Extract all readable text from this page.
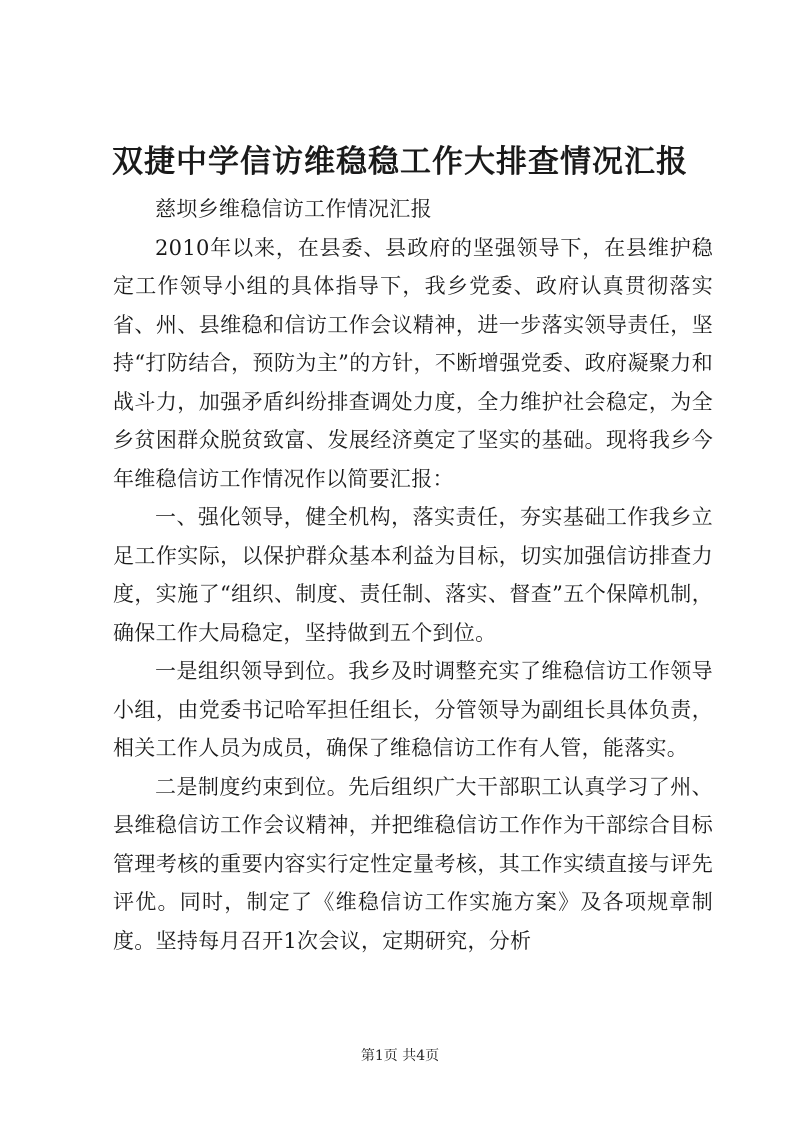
双捷中学信访维稳稳工作大排查情况汇报

慈坝乡维稳信访工作情况汇报

2010年以来，在县委、县政府的坚强领导下，在县维护稳定工作领导小组的具体指导下，我乡党委、政府认真贯彻落实省、州、县维稳和信访工作会议精神，进一步落实领导责任，坚持“打防结合，预防为主”的方针，不断增强党委、政府凝聚力和战斗力，加强矛盾纠纷排查调处力度，全力维护社会稳定，为全乡贫困群众脱贫致富、发展经济奠定了坚实的基础。现将我乡今年维稳信访工作情况作以简要汇报：

一、强化领导，健全机构，落实责任，夯实基础工作我乡立足工作实际，以保护群众基本利益为目标，切实加强信访排查力度，实施了“组织、制度、责任制、落实、督查”五个保障机制，确保工作大局稳定，坚持做到五个到位。

一是组织领导到位。我乡及时调整充实了维稳信访工作领导小组，由党委书记哈军担任组长，分管领导为副组长具体负责，相关工作人员为成员，确保了维稳信访工作有人管，能落实。

二是制度约束到位。先后组织广大干部职工认真学习了州、县维稳信访工作会议精神，并把维稳信访工作作为干部综合目标管理考核的重要内容实行定性定量考核，其工作实绩直接与评先评优。同时，制定了《维稳信访工作实施方案》及各项规章制度。坚持每月召开1次会议，定期研究，分析

第1页 共4页
